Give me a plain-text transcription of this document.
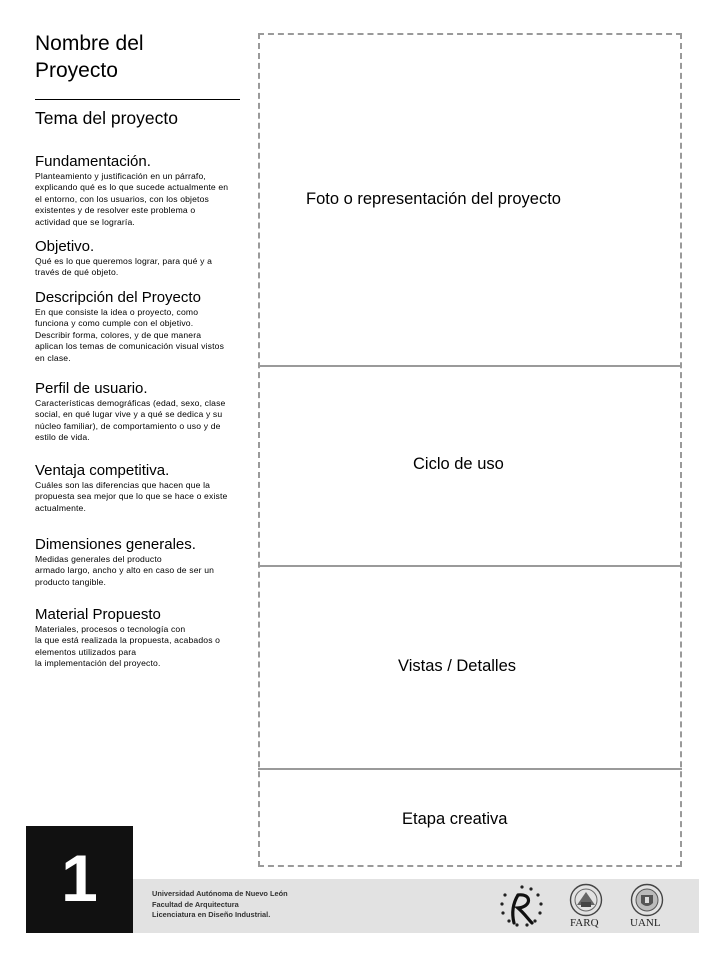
Nombre del
Proyecto
Tema del proyecto
Fundamentación.

Planteamiento y justificación en un párrafo,
explicando qué es lo que sucede actualmente en
el entorno, con los usuarios, con los objetos
existentes y de resolver este problema o
actividad que se lograría.

Objetivo.

Qué es lo que queremos lograr, para qué y a
través de qué objeto.

Descripción del Proyecto

En que consiste la idea o proyecto, como
funciona y como cumple con el objetivo.
Describir forma, colores, y de que manera
aplican los temas de comunicación visual vistos
en clase.

Perfil de usuario.

Características demográficas (edad, sexo, clase
social, en qué lugar vive y a qué se dedica y su
núcleo familiar), de comportamiento o uso y de
estilo de vida.

Ventaja competitiva.

Cuáles son las diferencias que hacen que la
propuesta sea mejor que lo que se hace o existe
actualmente.

Dimensiones generales.

Medidas generales del producto
armado largo, ancho y alto en caso de ser un
producto tangible.

Material Propuesto

Materiales, procesos o tecnología con
la que está realizada la propuesta, acabados o
elementos utilizados para
la implementación del proyecto.

Foto o representación del proyecto
Ciclo de uso
Vistas / Detalles
Etapa creativa
1	Universidad Autónoma de Nuevo León
Facultad de Arquitectura
Licenciatura en Diseño Industrial.
FARQ	UANL
